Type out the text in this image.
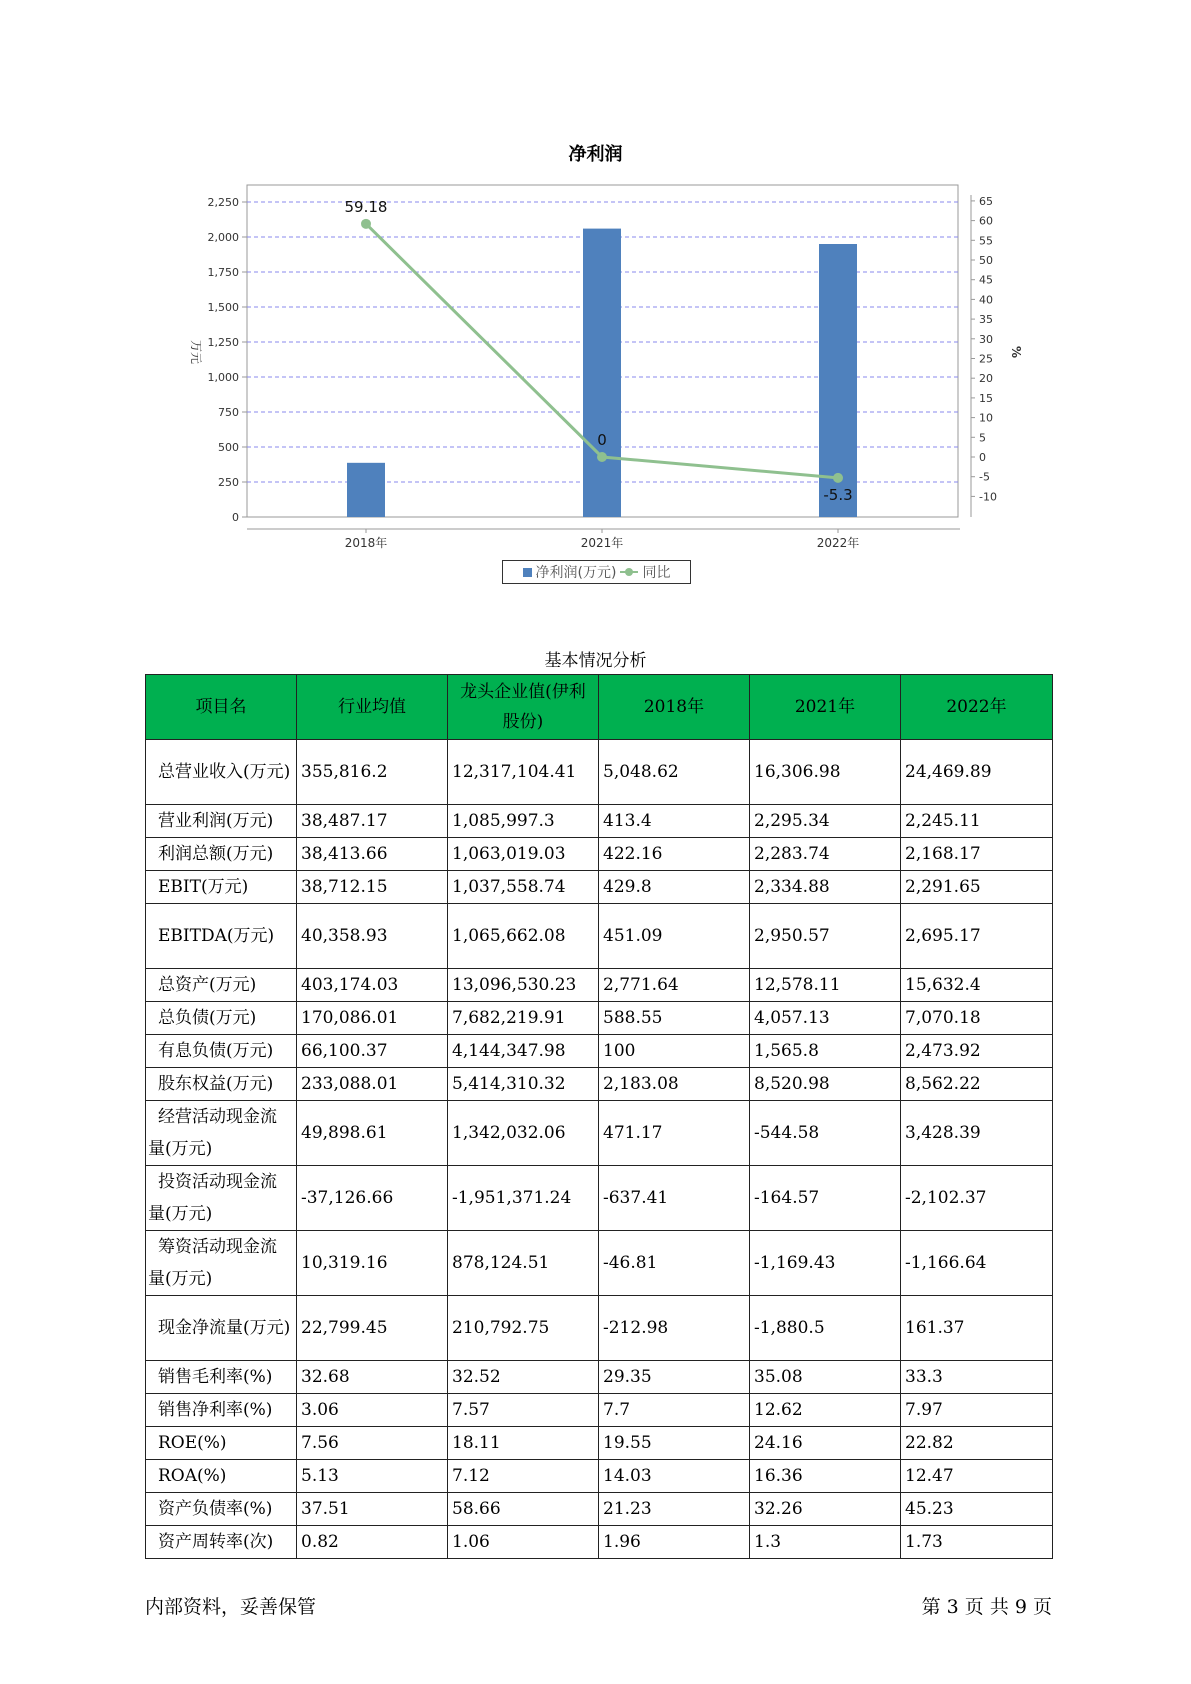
净利润
0
250
500
750
1,000
1,250
1,500
1,750
2,000
2,250
-10
-5
0
5
10
15
20
25
30
35
40
45
50
55
60
65
万元	%
2018年	2021年	2022年
59.18
0
-5.3
净利润(万元) 同比
基本情况分析
项目名	行业均值	龙头企业值(伊利股份)	2018年	2021年	2022年
总营业收入(万元)	355,816.2	12,317,104.41	5,048.62	16,306.98	24,469.89
营业利润(万元)	38,487.17	1,085,997.3	413.4	2,295.34	2,245.11
利润总额(万元)	38,413.66	1,063,019.03	422.16	2,283.74	2,168.17
EBIT(万元)	38,712.15	1,037,558.74	429.8	2,334.88	2,291.65
EBITDA(万元)	40,358.93	1,065,662.08	451.09	2,950.57	2,695.17
总资产(万元)	403,174.03	13,096,530.23	2,771.64	12,578.11	15,632.4
总负债(万元)	170,086.01	7,682,219.91	588.55	4,057.13	7,070.18
有息负债(万元)	66,100.37	4,144,347.98	100	1,565.8	2,473.92
股东权益(万元)	233,088.01	5,414,310.32	2,183.08	8,520.98	8,562.22
经营活动现金流量(万元)	49,898.61	1,342,032.06	471.17	-544.58	3,428.39
投资活动现金流量(万元)	-37,126.66	-1,951,371.24	-637.41	-164.57	-2,102.37
筹资活动现金流量(万元)	10,319.16	878,124.51	-46.81	-1,169.43	-1,166.64
现金净流量(万元)	22,799.45	210,792.75	-212.98	-1,880.5	161.37
销售毛利率(%)	32.68	32.52	29.35	35.08	33.3
销售净利率(%)	3.06	7.57	7.7	12.62	7.97
ROE(%)	7.56	18.11	19.55	24.16	22.82
ROA(%)	5.13	7.12	14.03	16.36	12.47
资产负债率(%)	37.51	58.66	21.23	32.26	45.23
资产周转率(次)	0.82	1.06	1.96	1.3	1.73
内部资料，妥善保管	第 3 页 共 9 页
